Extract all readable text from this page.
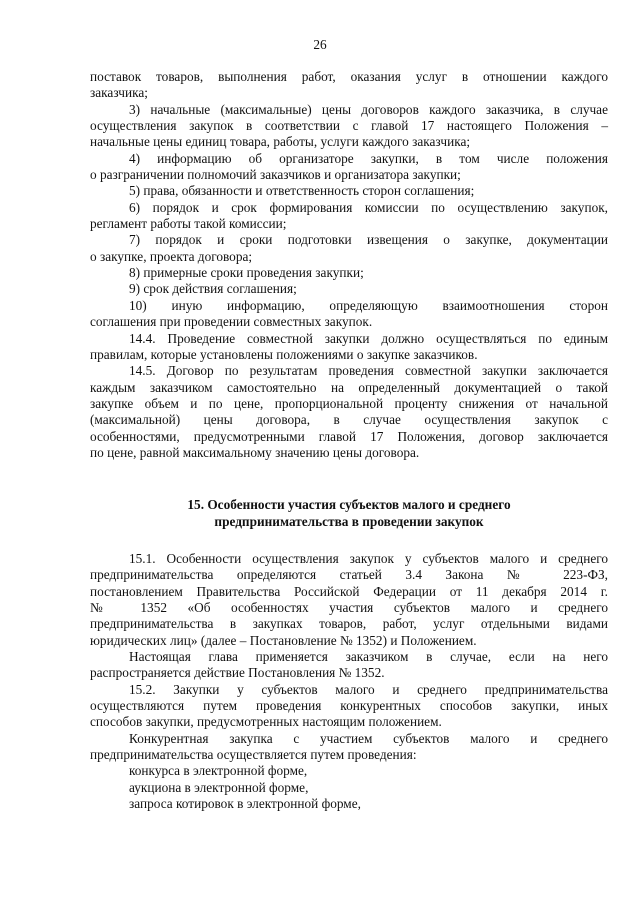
26
поставок товаров, выполнения работ, оказания услуг в отношении каждого
заказчика;
3) начальные (максимальные) цены договоров каждого заказчика, в случае
осуществления закупок в соответствии с главой 17 настоящего Положения –
начальные цены единиц товара, работы, услуги каждого заказчика;
4) информацию об организаторе закупки, в том числе положения
о разграничении полномочий заказчиков и организатора закупки;
5) права, обязанности и ответственность сторон соглашения;
6) порядок и срок формирования комиссии по осуществлению закупок,
регламент работы такой комиссии;
7) порядок и сроки подготовки извещения о закупке, документации
о закупке, проекта договора;
8) примерные сроки проведения закупки;
9) срок действия соглашения;
10) иную информацию, определяющую взаимоотношения сторон
соглашения при проведении совместных закупок.
14.4. Проведение совместной закупки должно осуществляться по единым
правилам, которые установлены положениями о закупке заказчиков.
14.5. Договор по результатам проведения совместной закупки заключается
каждым заказчиком самостоятельно на определенный документацией о такой
закупке объем и по цене, пропорциональной проценту снижения от начальной
(максимальной) цены договора, в случае осуществления закупок с
особенностями, предусмотренными главой 17 Положения, договор заключается
по цене, равной максимальному значению цены договора.
15. Особенности участия субъектов малого и среднего
предпринимательства в проведении закупок
15.1. Особенности осуществления закупок у субъектов малого и среднего
предпринимательства определяются статьей 3.4 Закона № 223-ФЗ,
постановлением Правительства Российской Федерации от 11 декабря 2014 г.
№ 1352 «Об особенностях участия субъектов малого и среднего
предпринимательства в закупках товаров, работ, услуг отдельными видами
юридических лиц» (далее – Постановление № 1352) и Положением.
Настоящая глава применяется заказчиком в случае, если на него
распространяется действие Постановления № 1352.
15.2. Закупки у субъектов малого и среднего предпринимательства
осуществляются путем проведения конкурентных способов закупки, иных
способов закупки, предусмотренных настоящим положением.
Конкурентная закупка с участием субъектов малого и среднего
предпринимательства осуществляется путем проведения:
конкурса в электронной форме,
аукциона в электронной форме,
запроса котировок в электронной форме,
